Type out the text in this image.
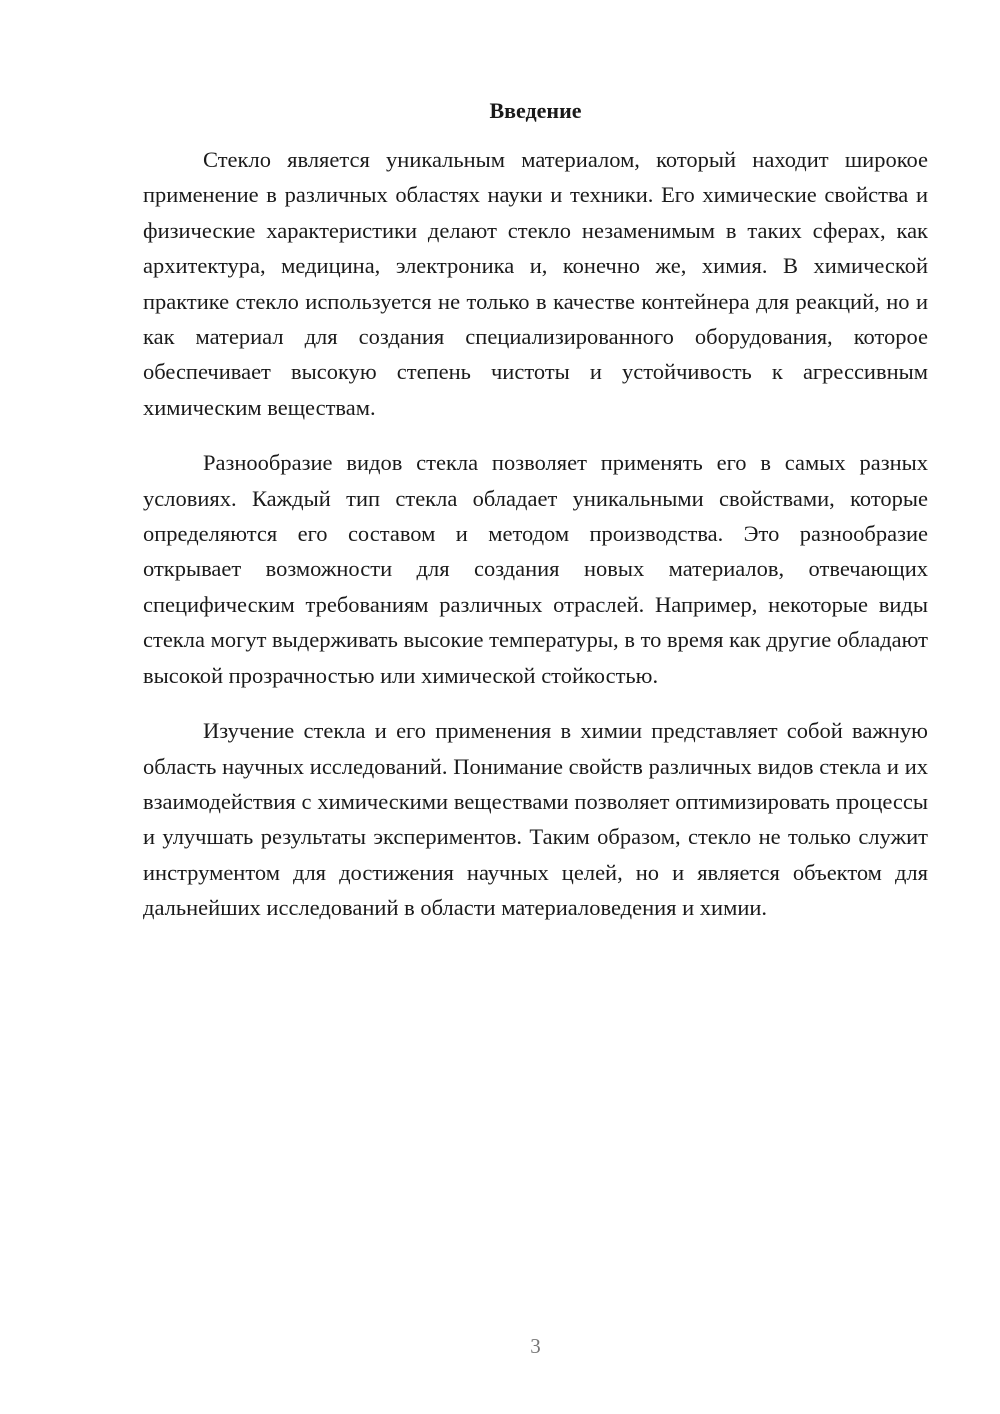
Введение

Стекло является уникальным материалом, который находит широкое применение в различных областях науки и техники. Его химические свойства и физические характеристики делают стекло незаменимым в таких сферах, как архитектура, медицина, электроника и, конечно же, химия. В химической практике стекло используется не только в качестве контейнера для реакций, но и как материал для создания специализированного оборудования, которое обеспечивает высокую степень чистоты и устойчивость к агрессивным химическим веществам.

Разнообразие видов стекла позволяет применять его в самых разных условиях. Каждый тип стекла обладает уникальными свойствами, которые определяются его составом и методом производства. Это разнообразие открывает возможности для создания новых материалов, отвечающих специфическим требованиям различных отраслей. Например, некоторые виды стекла могут выдерживать высокие температуры, в то время как другие обладают высокой прозрачностью или химической стойкостью.

Изучение стекла и его применения в химии представляет собой важную область научных исследований. Понимание свойств различных видов стекла и их взаимодействия с химическими веществами позволяет оптимизировать процессы и улучшать результаты экспериментов. Таким образом, стекло не только служит инструментом для достижения научных целей, но и является объектом для дальнейших исследований в области материаловедения и химии.

3
